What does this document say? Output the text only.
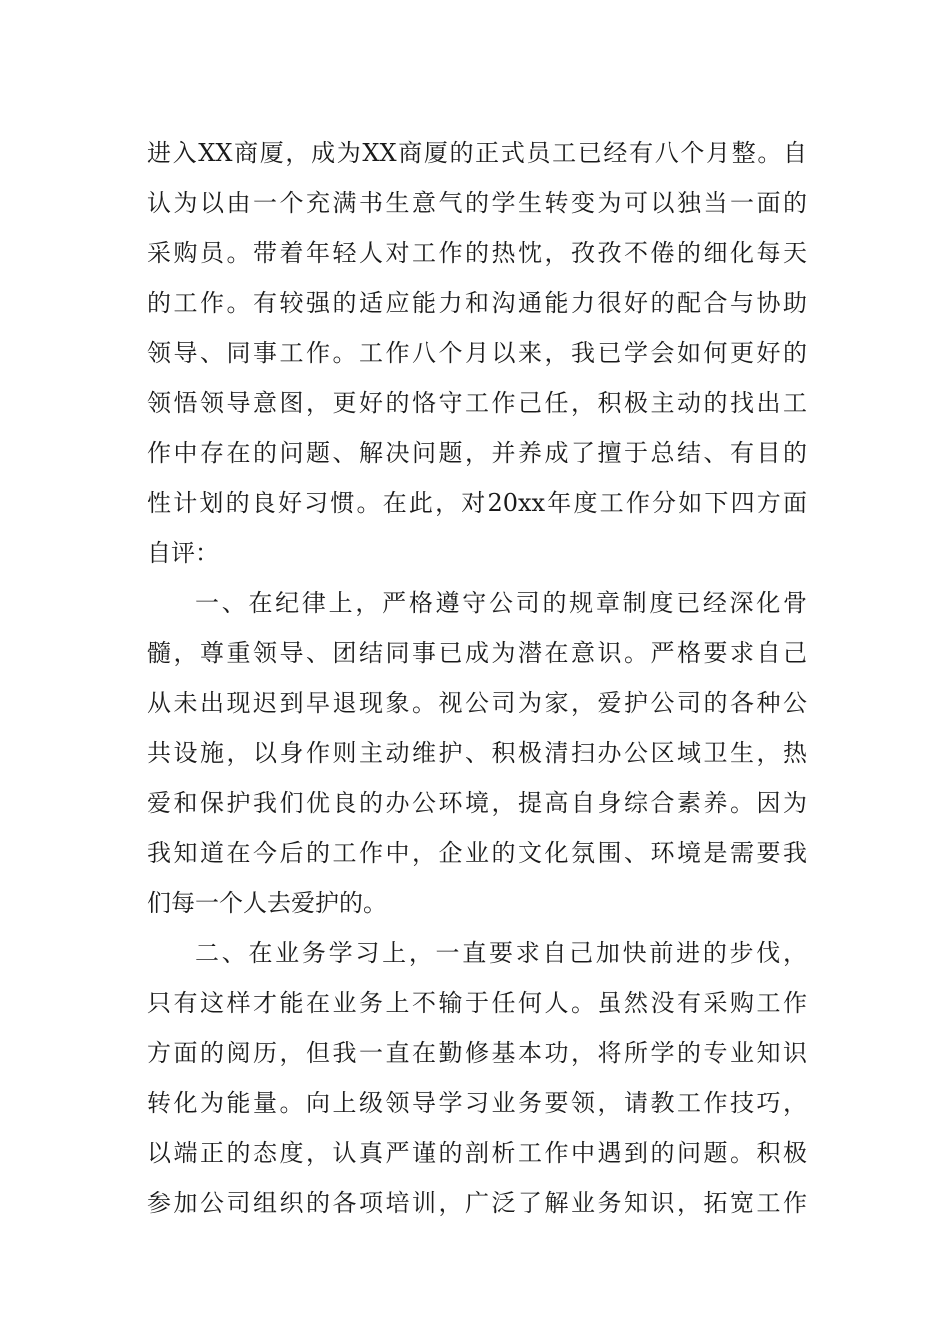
进入XX商厦，成为XX商厦的正式员工已经有八个月整。自
认为以由一个充满书生意气的学生转变为可以独当一面的
采购员。带着年轻人对工作的热忱，孜孜不倦的细化每天
的工作。有较强的适应能力和沟通能力很好的配合与协助
领导、同事工作。工作八个月以来，我已学会如何更好的
领悟领导意图，更好的恪守工作己任，积极主动的找出工
作中存在的问题、解决问题，并养成了擅于总结、有目的
性计划的良好习惯。在此，对20xx年度工作分如下四方面
自评：
一、在纪律上，严格遵守公司的规章制度已经深化骨
髓，尊重领导、团结同事已成为潜在意识。严格要求自己
从未出现迟到早退现象。视公司为家，爱护公司的各种公
共设施，以身作则主动维护、积极清扫办公区域卫生，热
爱和保护我们优良的办公环境，提高自身综合素养。因为
我知道在今后的工作中，企业的文化氛围、环境是需要我
们每一个人去爱护的。
二、在业务学习上，一直要求自己加快前进的步伐，
只有这样才能在业务上不输于任何人。虽然没有采购工作
方面的阅历，但我一直在勤修基本功，将所学的专业知识
转化为能量。向上级领导学习业务要领，请教工作技巧，
以端正的态度，认真严谨的剖析工作中遇到的问题。积极
参加公司组织的各项培训，广泛了解业务知识，拓宽工作
